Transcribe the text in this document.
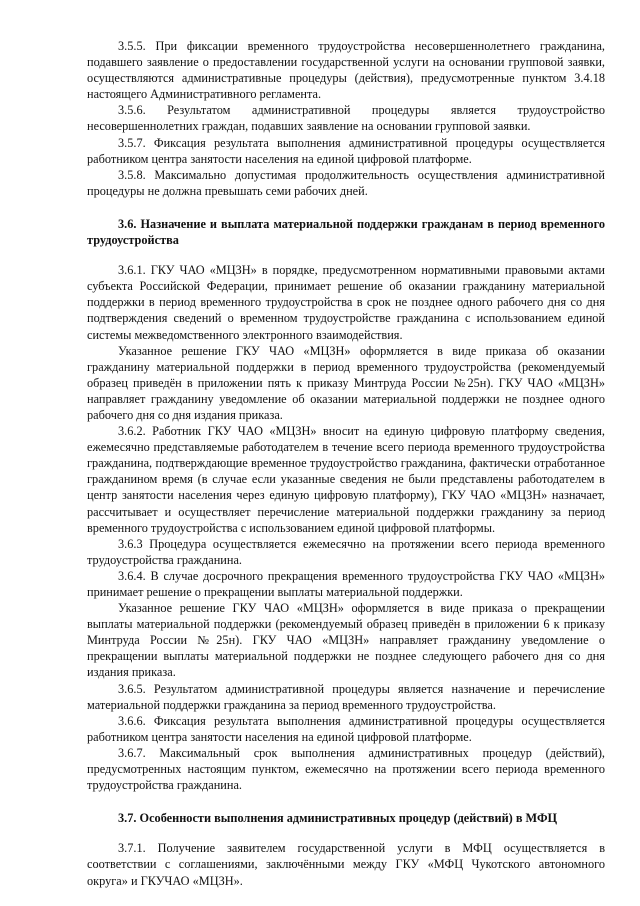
3.5.5. При фиксации временного трудоустройства несовершеннолетнего гражданина, подавшего заявление о предоставлении государственной услуги на основании групповой заявки, осуществляются административные процедуры (действия), предусмотренные пунктом 3.4.18 настоящего Административного регламента.

3.5.6. Результатом административной процедуры является трудоустройство несовершеннолетних граждан, подавших заявление на основании групповой заявки.

3.5.7. Фиксация результата выполнения административной процедуры осуществляется работником центра занятости населения на единой цифровой платформе.

3.5.8. Максимально допустимая продолжительность осуществления административной процедуры не должна превышать семи рабочих дней.

3.6. Назначение и выплата материальной поддержки гражданам в период временного трудоустройства

3.6.1. ГКУ ЧАО «МЦЗН» в порядке, предусмотренном нормативными правовыми актами субъекта Российской Федерации, принимает решение об оказании гражданину материальной поддержки в период временного трудоустройства в срок не позднее одного рабочего дня со дня подтверждения сведений о временном трудоустройстве гражданина с использованием единой системы межведомственного электронного взаимодействия.

Указанное решение ГКУ ЧАО «МЦЗН» оформляется в виде приказа об оказании гражданину материальной поддержки в период временного трудоустройства (рекомендуемый образец приведён в приложении пять к приказу Минтруда России №25н). ГКУ ЧАО «МЦЗН» направляет гражданину уведомление об оказании материальной поддержки не позднее одного рабочего дня со дня издания приказа.

3.6.2. Работник ГКУ ЧАО «МЦЗН» вносит на единую цифровую платформу сведения, ежемесячно представляемые работодателем в течение всего периода временного трудоустройства гражданина, подтверждающие временное трудоустройство гражданина, фактически отработанное гражданином время (в случае если указанные сведения не были представлены работодателем в центр занятости населения через единую цифровую платформу), ГКУ ЧАО «МЦЗН» назначает, рассчитывает и осуществляет перечисление материальной поддержки гражданину за период временного трудоустройства с использованием единой цифровой платформы.

3.6.3 Процедура осуществляется ежемесячно на протяжении всего периода временного трудоустройства гражданина.

3.6.4. В случае досрочного прекращения временного трудоустройства ГКУ ЧАО «МЦЗН» принимает решение о прекращении выплаты материальной поддержки.

Указанное решение ГКУ ЧАО «МЦЗН» оформляется в виде приказа о прекращении выплаты материальной поддержки (рекомендуемый образец приведён в приложении 6 к приказу Минтруда России №25н). ГКУ ЧАО «МЦЗН» направляет гражданину уведомление о прекращении выплаты материальной поддержки не позднее следующего рабочего дня со дня издания приказа.

3.6.5. Результатом административной процедуры является назначение и перечисление материальной поддержки гражданина за период временного трудоустройства.

3.6.6. Фиксация результата выполнения административной процедуры осуществляется работником центра занятости населения на единой цифровой платформе.

3.6.7. Максимальный срок выполнения административных процедур (действий), предусмотренных настоящим пунктом, ежемесячно на протяжении всего периода временного трудоустройства гражданина.

3.7. Особенности выполнения административных процедур (действий) в МФЦ

3.7.1. Получение заявителем государственной услуги в МФЦ осуществляется в соответствии с соглашениями, заключёнными между ГКУ «МФЦ Чукотского автономного округа» и ГКУЧАО «МЦЗН».
